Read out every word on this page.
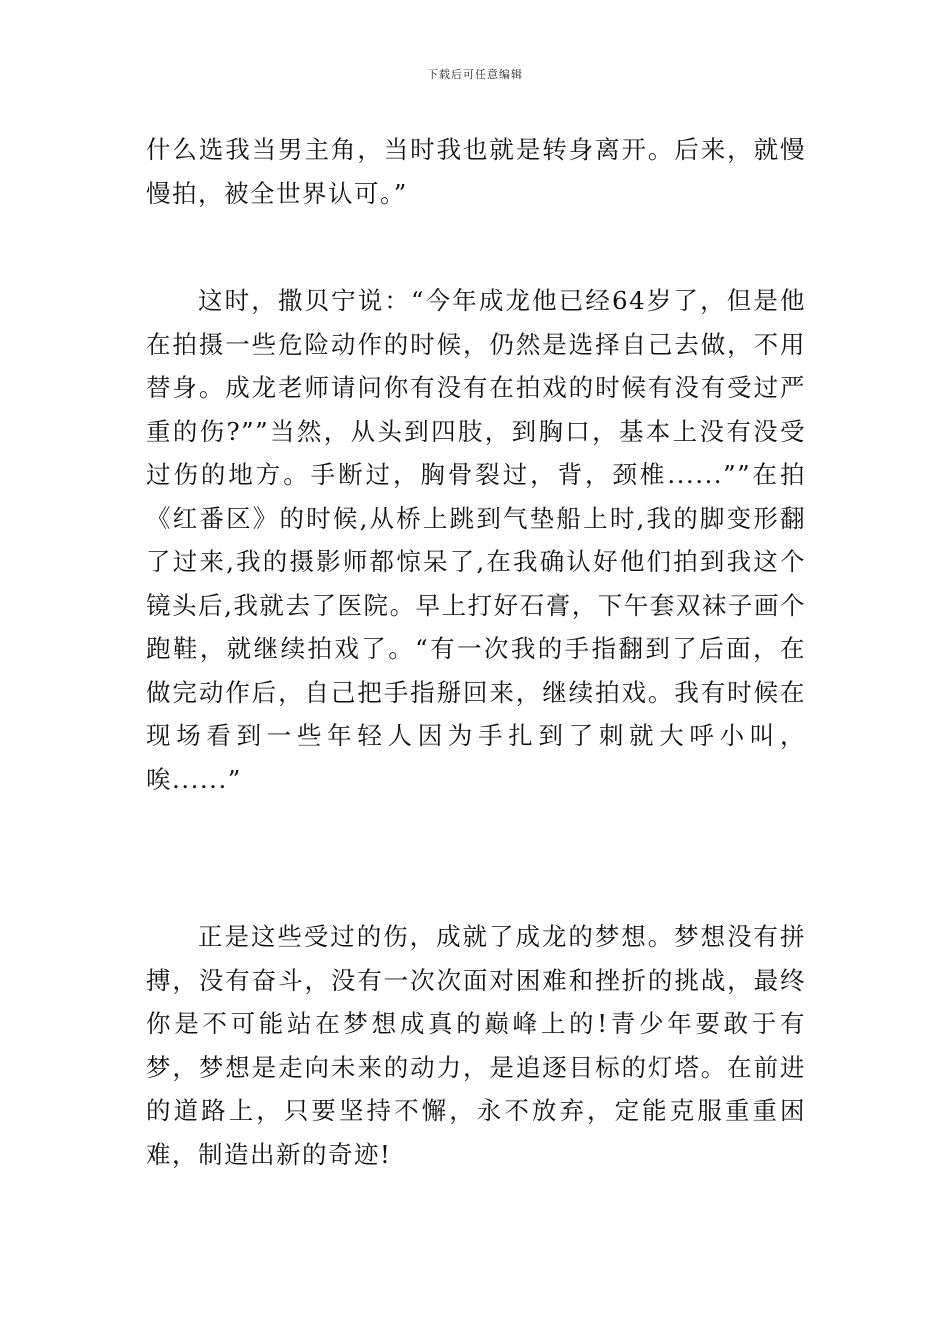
下载后可任意编辑

什么选我当男主角，当时我也就是转身离开。后来，就慢慢拍，被全世界认可。”

这时，撒贝宁说：“今年成龙他已经64岁了，但是他在拍摄一些危险动作的时候，仍然是选择自己去做，不用替身。成龙老师请问你有没有在拍戏的时候有没有受过严重的伤?””当然，从头到四肢，到胸口，基本上没有没受过伤的地方。手断过，胸骨裂过，背，颈椎......””在拍《红番区》的时候,从桥上跳到气垫船上时,我的脚变形翻了过来,我的摄影师都惊呆了,在我确认好他们拍到我这个镜头后,我就去了医院。早上打好石膏，下午套双袜子画个跑鞋，就继续拍戏了。“有一次我的手指翻到了后面，在做完动作后，自己把手指掰回来，继续拍戏。我有时候在现场看到一些年轻人因为手扎到了刺就大呼小叫，唉......”

正是这些受过的伤，成就了成龙的梦想。梦想没有拼搏，没有奋斗，没有一次次面对困难和挫折的挑战，最终你是不可能站在梦想成真的巅峰上的!青少年要敢于有梦，梦想是走向未来的动力，是追逐目标的灯塔。在前进的道路上，只要坚持不懈，永不放弃，定能克服重重困难，制造出新的奇迹!
